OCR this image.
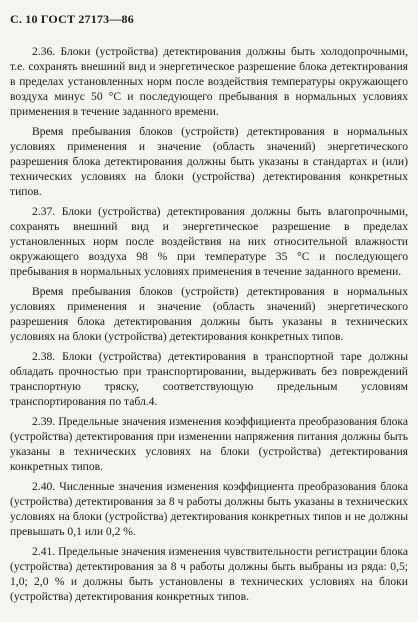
С. 10 ГОСТ 27173—86

2.36. Блоки (устройства) детектирования должны быть холодопрочными, т.е. сохранять внешний вид и энергетическое разрешение блока детектирования в пределах установленных норм после воздействия температуры окружающего воздуха минус 50 °С и последующего пребывания в нормальных условиях применения в течение заданного времени.

Время пребывания блоков (устройств) детектирования в нормальных условиях применения и значение (область значений) энергетического разрешения блока детектирования должны быть указаны в стандартах и (или) технических условиях на блоки (устройства) детектирования конкретных типов.

2.37. Блоки (устройства) детектирования должны быть влагопрочными, сохранять внешний вид и энергетическое разрешение в пределах установленных норм после воздействия на них относительной влажности окружающего воздуха 98 % при температуре 35 °С и последующего пребывания в нормальных условиях применения в течение заданного времени.

Время пребывания блоков (устройств) детектирования в нормальных условиях применения и значение (область значений) энергетического разрешения блока детектирования должны быть указаны в технических условиях на блоки (устройства) детектирования конкретных типов.

2.38. Блоки (устройства) детектирования в транспортной таре должны обладать прочностью при транспортировании, выдерживать без повреждений транспортную тряску, соответствующую предельным условиям транспортирования по табл.4.

2.39. Предельные значения изменения коэффициента преобразования блока (устройства) детектирования при изменении напряжения питания должны быть указаны в технических условиях на блоки (устройства) детектирования конкретных типов.

2.40. Численные значения изменения коэффициента преобразования блока (устройства) детектирования за 8 ч работы должны быть указаны в технических условиях на блоки (устройства) детектирования конкретных типов и не должны превышать 0,1 или 0,2 %.

2.41. Предельные значения изменения чувствительности регистрации блока (устройства) детектирования за 8 ч работы должны быть выбраны из ряда: 0,5; 1,0; 2,0 % и должны быть установлены в технических условиях на блоки (устройства) детектирования конкретных типов.
